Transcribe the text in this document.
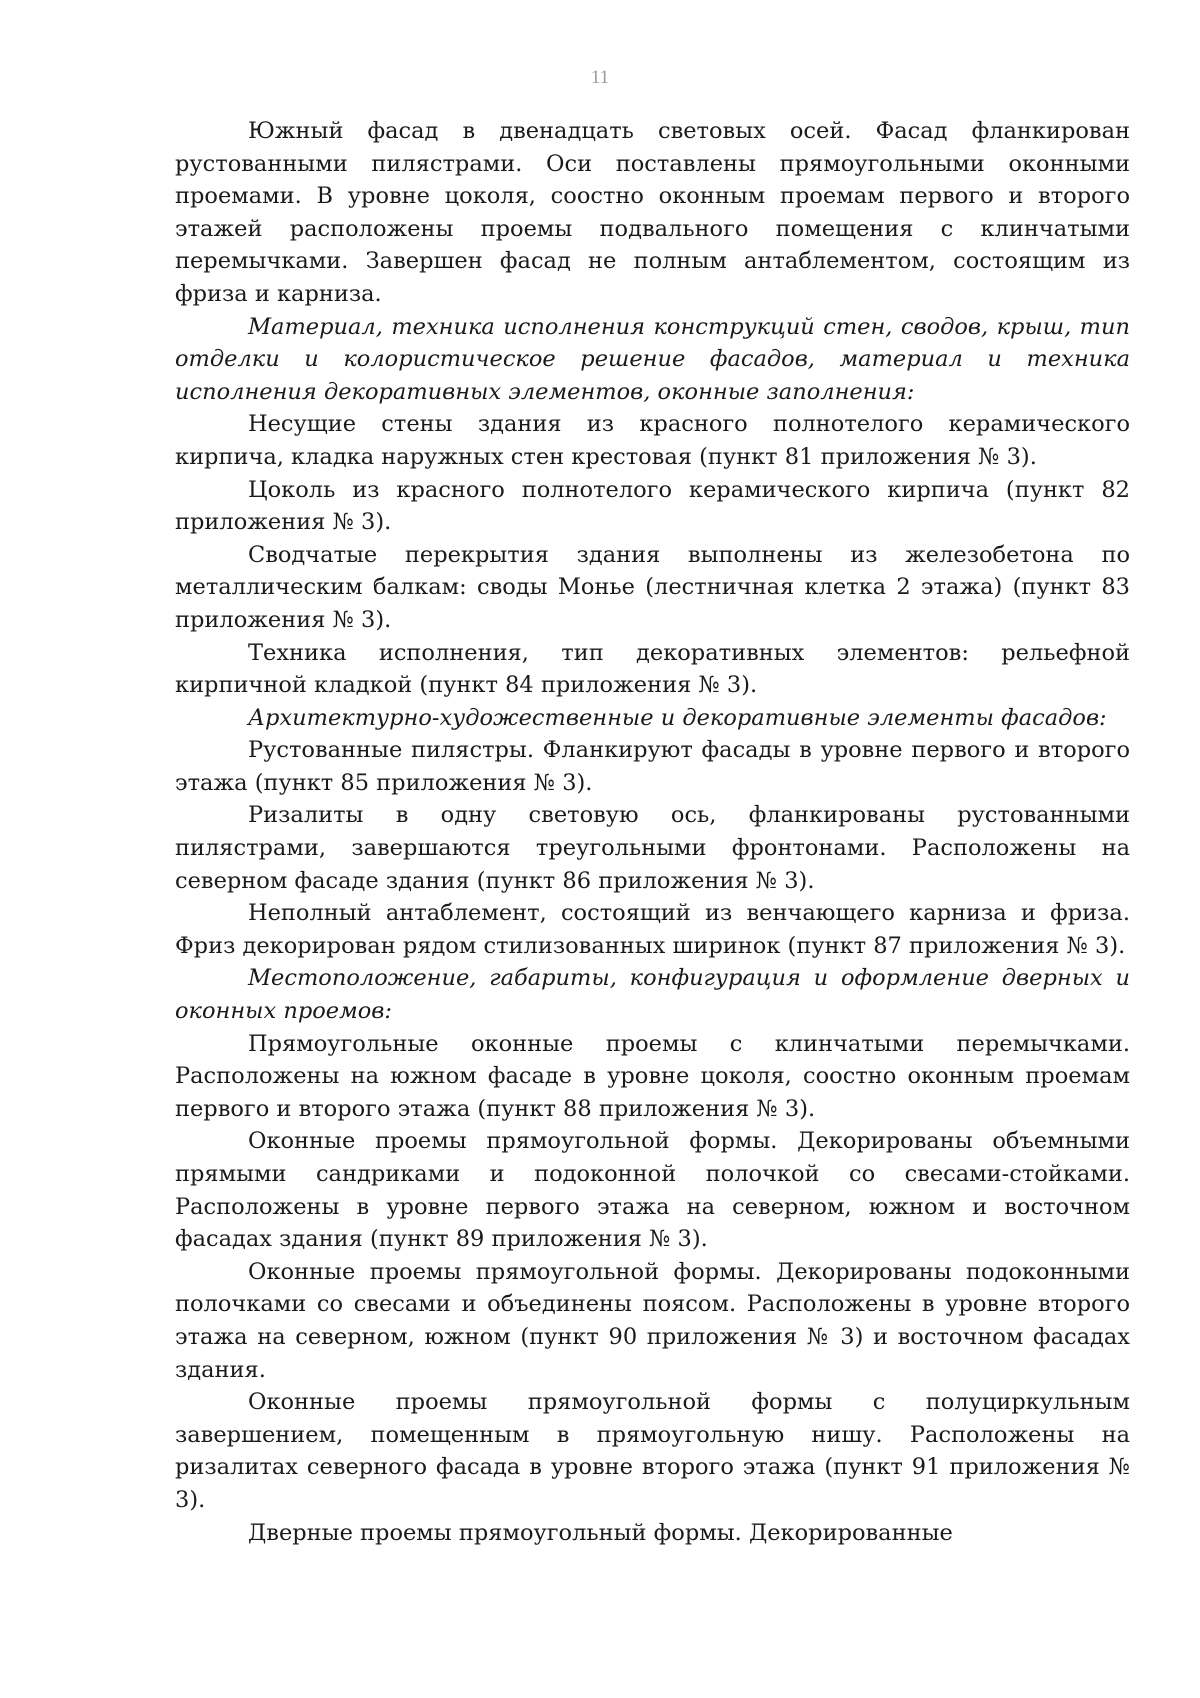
11

Южный фасад в двенадцать световых осей. Фасад фланкирован рустованными пилястрами. Оси поставлены прямоугольными оконными проемами. В уровне цоколя, соостно оконным проемам первого и второго этажей расположены проемы подвального помещения с клинчатыми перемычками. Завершен фасад не полным антаблементом, состоящим из фриза и карниза.

Материал, техника исполнения конструкций стен, сводов, крыш, тип отделки и колористическое решение фасадов, материал и техника исполнения декоративных элементов, оконные заполнения:

Несущие стены здания из красного полнотелого керамического кирпича, кладка наружных стен крестовая (пункт 81 приложения № 3).

Цоколь из красного полнотелого керамического кирпича (пункт 82 приложения № 3).

Сводчатые перекрытия здания выполнены из железобетона по металлическим балкам: своды Монье (лестничная клетка 2 этажа) (пункт 83 приложения № 3).

Техника исполнения, тип декоративных элементов: рельефной кирпичной кладкой (пункт 84 приложения № 3).

Архитектурно-художественные и декоративные элементы фасадов:

Рустованные пилястры. Фланкируют фасады в уровне первого и второго этажа (пункт 85 приложения № 3).

Ризалиты в одну световую ось, фланкированы рустованными пилястрами, завершаются треугольными фронтонами. Расположены на северном фасаде здания (пункт 86 приложения № 3).

Неполный антаблемент, состоящий из венчающего карниза и фриза. Фриз декорирован рядом стилизованных ширинок (пункт 87 приложения № 3).

Местоположение, габариты, конфигурация и оформление дверных и оконных проемов:

Прямоугольные оконные проемы с клинчатыми перемычками. Расположены на южном фасаде в уровне цоколя, соостно оконным проемам первого и второго этажа (пункт 88 приложения № 3).

Оконные проемы прямоугольной формы. Декорированы объемными прямыми сандриками и подоконной полочкой со свесами-стойками. Расположены в уровне первого этажа на северном, южном и восточном фасадах здания (пункт 89 приложения № 3).

Оконные проемы прямоугольной формы. Декорированы подоконными полочками со свесами и объединены поясом. Расположены в уровне второго этажа на северном, южном (пункт 90 приложения № 3) и восточном фасадах здания.

Оконные проемы прямоугольной формы с полуциркульным завершением, помещенным в прямоугольную нишу. Расположены на ризалитах северного фасада в уровне второго этажа (пункт 91 приложения № 3).

Дверные проемы прямоугольный формы. Декорированные
